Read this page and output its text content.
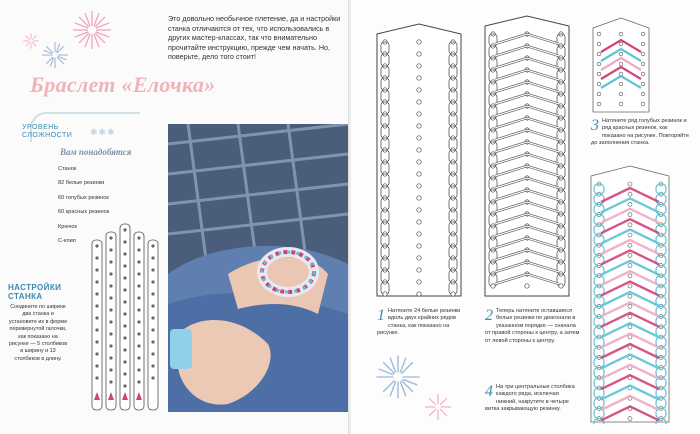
Это довольно необычное плетение, да и настройки станка отличаются от тех, что использовались в других мастер-классах, так что внимательно прочитайте инструкцию, прежде чем начать. Но, поверьте, дело того стоит!

Браслет «Елочка»
УРОВЕНЬ
СЛОЖНОСТИ ✱✱✱
Вам понадобятся
Станок
82 белые резинки
60 голубых резинок
60 красных резинок
Крючок
С-клип
НАСТРОЙКИ
СТАНКА

Соедините по ширине два станка и установите их в форме перевернутой галочки, как показано на рисунке — 5 столбиков в ширину и 13 столбиков в длину.

1 Натяните 24 белые резинки вдоль двух крайних рядов станка, как показано на рисунке.
2 Теперь натяните оставшиеся белые резинки по диагонали в указанном порядке — сначала от правой стороны к центру, а затем от левой стороны к центру.
3 Натяните ряд голубых резинок и ряд красных резинок, как показано на рисунке. Повторяйте до заполнения станка.
4 На три центральные столбика каждого ряда, исключая нижний, накрутите в четыре витка закрывающую резинку.
